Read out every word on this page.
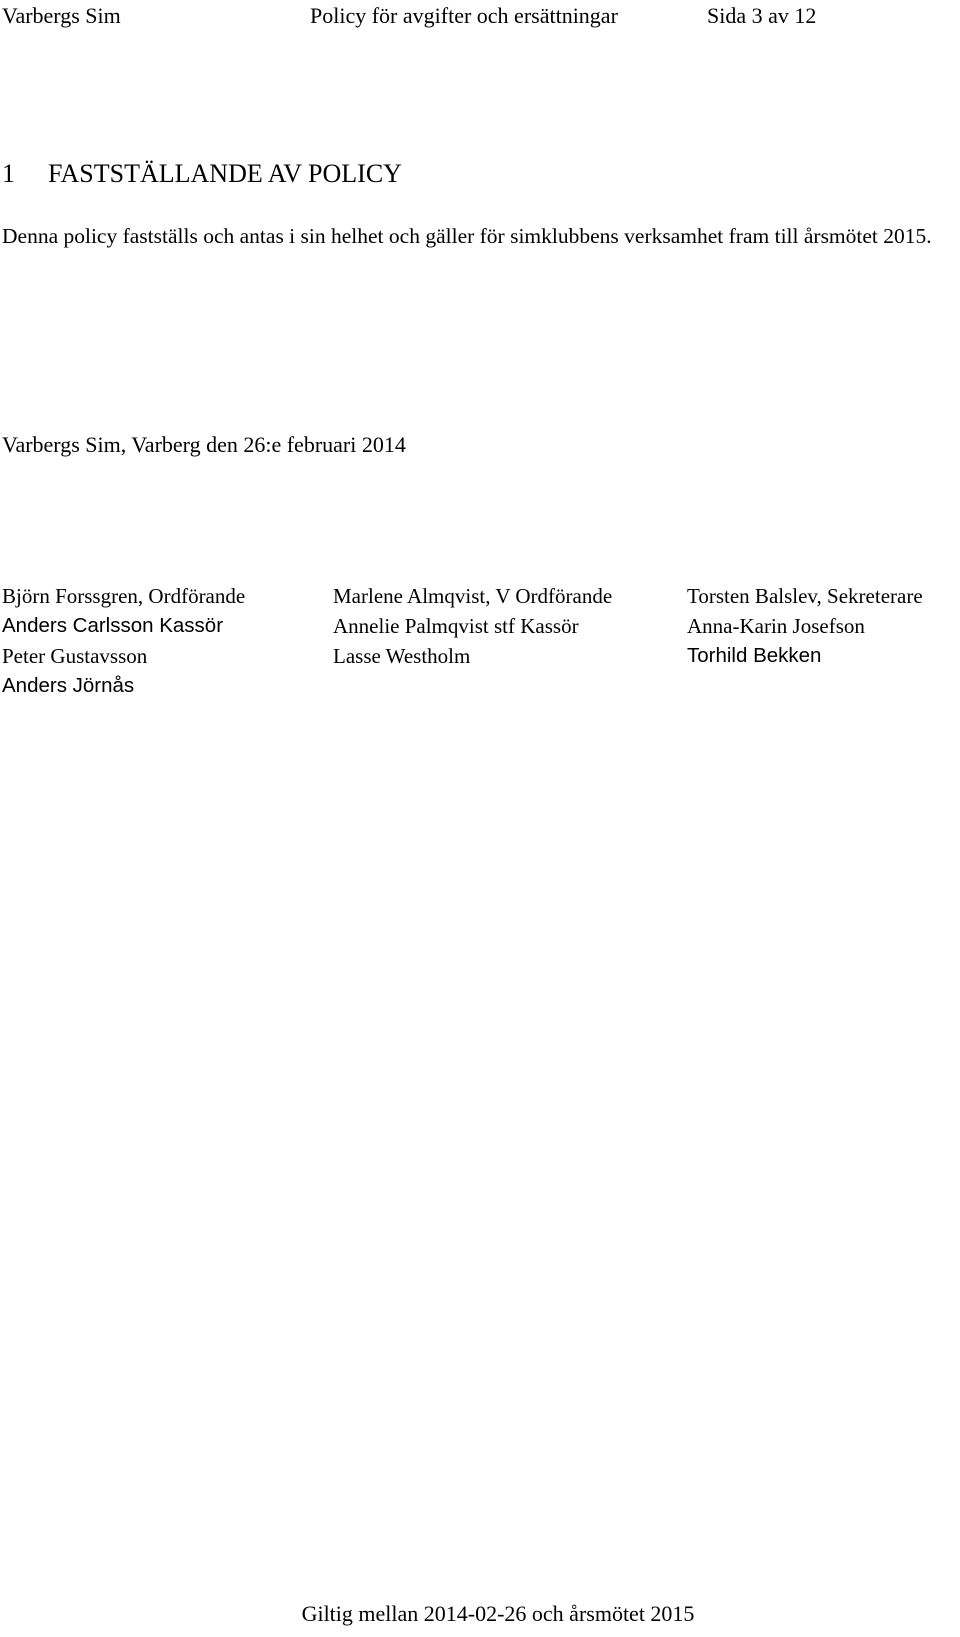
Varbergs Sim	Policy för avgifter och ersättningar	Sida 3 av 12
1 FASTSTÄLLANDE AV POLICY

Denna policy fastställs och antas i sin helhet och gäller för simklubbens verksamhet fram till årsmötet 2015.

Varbergs Sim, Varberg den 26:e februari 2014
Björn Forssgren, Ordförande
Anders Carlsson Kassör
Peter Gustavsson
Anders Jörnås
Marlene Almqvist, V Ordförande
Annelie Palmqvist stf Kassör
Lasse Westholm
Torsten Balslev, Sekreterare
Anna-Karin Josefson
Torhild Bekken
Giltig mellan 2014-02-26 och årsmötet 2015
